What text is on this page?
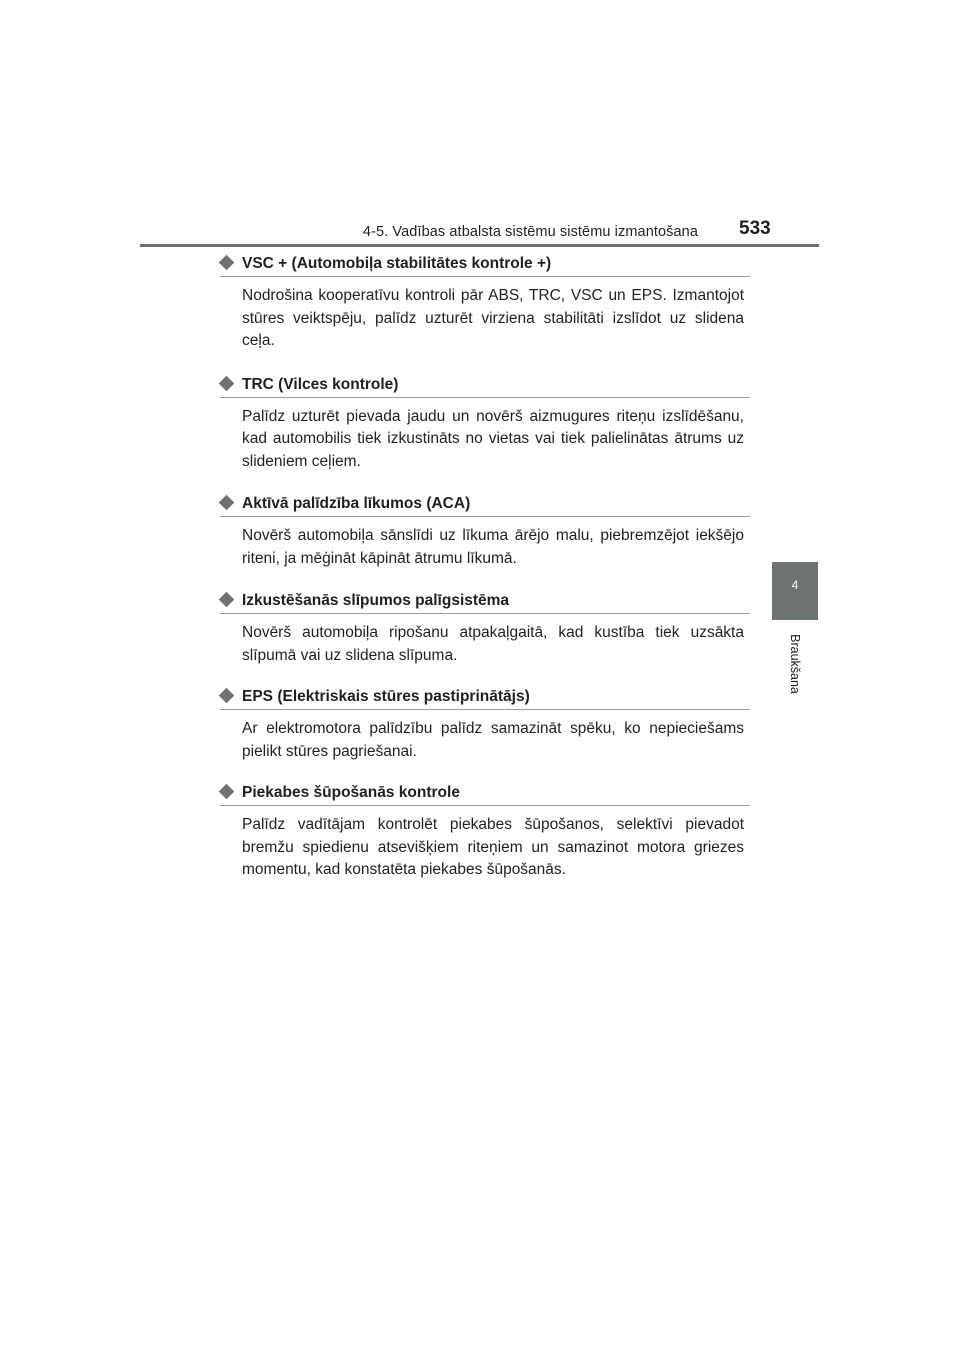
4-5. Vadības atbalsta sistēmu sistēmu izmantošana 533
4
Braukšana
VSC + (Automobiļa stabilitātes kontrole +)
Nodrošina kooperatīvu kontroli pār ABS, TRC, VSC un EPS. Izmantojot stūres veiktspēju, palīdz uzturēt virziena stabilitāti izslīdot uz slidena ceļa.
TRC (Vilces kontrole)
Palīdz uzturēt pievada jaudu un novērš aizmugures riteņu izslīdēšanu, kad automobilis tiek izkustināts no vietas vai tiek palielinātas ātrums uz slideniem ceļiem.
Aktīvā palīdzība līkumos (ACA)
Novērš automobiļa sānslīdi uz līkuma ārējo malu, piebremzējot iekšējo riteni, ja mēģināt kāpināt ātrumu līkumā.
Izkustēšanās slīpumos palīgsistēma
Novērš automobiļa ripošanu atpakaļgaitā, kad kustība tiek uzsākta slīpumā vai uz slidena slīpuma.
EPS (Elektriskais stūres pastiprinātājs)
Ar elektromotora palīdzību palīdz samazināt spēku, ko nepieciešams pielikt stūres pagriešanai.
Piekabes šūpošanās kontrole
Palīdz vadītājam kontrolēt piekabes šūpošanos, selektīvi pievadot bremžu spiedienu atsevišķiem riteņiem un samazinot motora griezes momentu, kad konstatēta piekabes šūpošanās.
